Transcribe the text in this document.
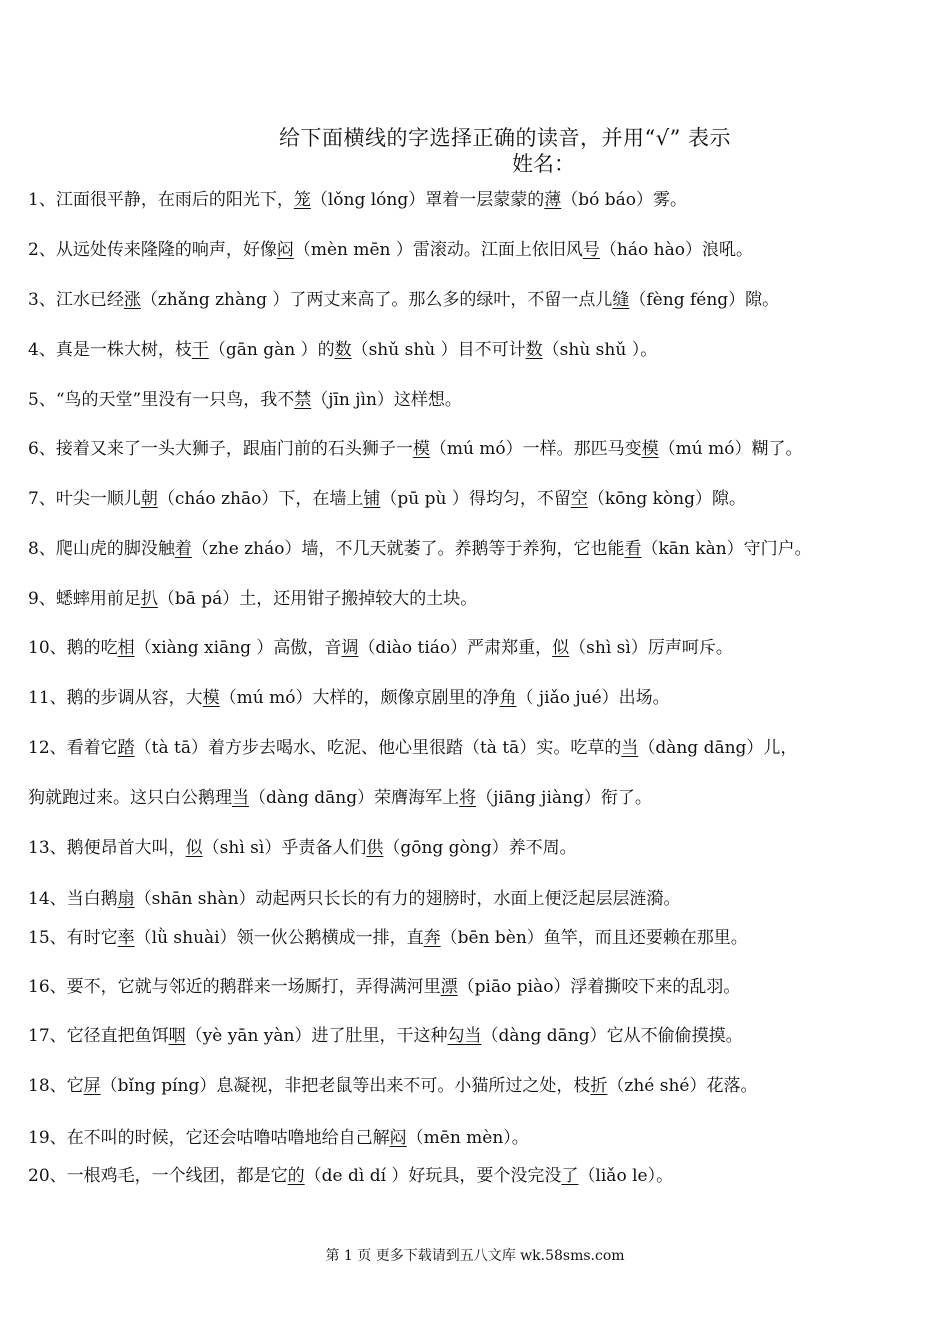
给下面横线的字选择正确的读音，并用“√” 表示
姓名：
1、江面很平静，在雨后的阳光下，笼（lǒng lóng）罩着一层蒙蒙的薄（bó báo）雾。
2、从远处传来隆隆的响声，好像闷（mèn mēn ）雷滚动。江面上依旧风号（háo hào）浪吼。
3、江水已经涨（zhǎng zhàng ）了两丈来高了。那么多的绿叶，不留一点儿缝（fèng féng）隙。
4、真是一株大树，枝干（gān gàn ）的数（shǔ shù ）目不可计数（shù shǔ ）。
5、“鸟的天堂”里没有一只鸟，我不禁（jīn jìn）这样想。
6、接着又来了一头大狮子，跟庙门前的石头狮子一模（mú mó）一样。那匹马变模（mú mó）糊了。
7、叶尖一顺儿朝（cháo zhāo）下，在墙上铺（pū pù ）得均匀，不留空（kōng kòng）隙。
8、爬山虎的脚没触着（zhe zháo）墙，不几天就萎了。养鹅等于养狗，它也能看（kān kàn）守门户。
9、蟋蟀用前足扒（bā pá）土，还用钳子搬掉较大的土块。
10、鹅的吃相（xiàng xiāng ）高傲，音调（diào tiáo）严肃郑重，似（shì sì）厉声呵斥。
11、鹅的步调从容，大模（mú mó）大样的，颇像京剧里的净角（ jiǎo jué）出场。
12、看着它踏（tà tā）着方步去喝水、吃泥、他心里很踏（tà tā）实。吃草的当（dàng dāng）儿，
狗就跑过来。这只白公鹅理当（dàng dāng）荣膺海军上将（jiāng jiàng）衔了。
13、鹅便昂首大叫，似（shì sì）乎责备人们供（gōng gòng）养不周。
14、当白鹅扇（shān shàn）动起两只长长的有力的翅膀时，水面上便泛起层层涟漪。
15、有时它率（lǜ shuài）领一伙公鹅横成一排，直奔（bēn bèn）鱼竿，而且还要赖在那里。
16、要不，它就与邻近的鹅群来一场厮打，弄得满河里漂（piāo piào）浮着撕咬下来的乱羽。
17、它径直把鱼饵咽（yè yān yàn）进了肚里，干这种勾当（dàng dāng）它从不偷偷摸摸。
18、它屏（bǐng píng）息凝视，非把老鼠等出来不可。小猫所过之处，枝折（zhé shé）花落。
19、在不叫的时候，它还会咕噜咕噜地给自己解闷（mēn mèn）。
20、一根鸡毛，一个线团，都是它的（de dì dí ）好玩具，要个没完没了（liǎo le）。
第 1 页 更多下载请到五八文库 wk.58sms.com
